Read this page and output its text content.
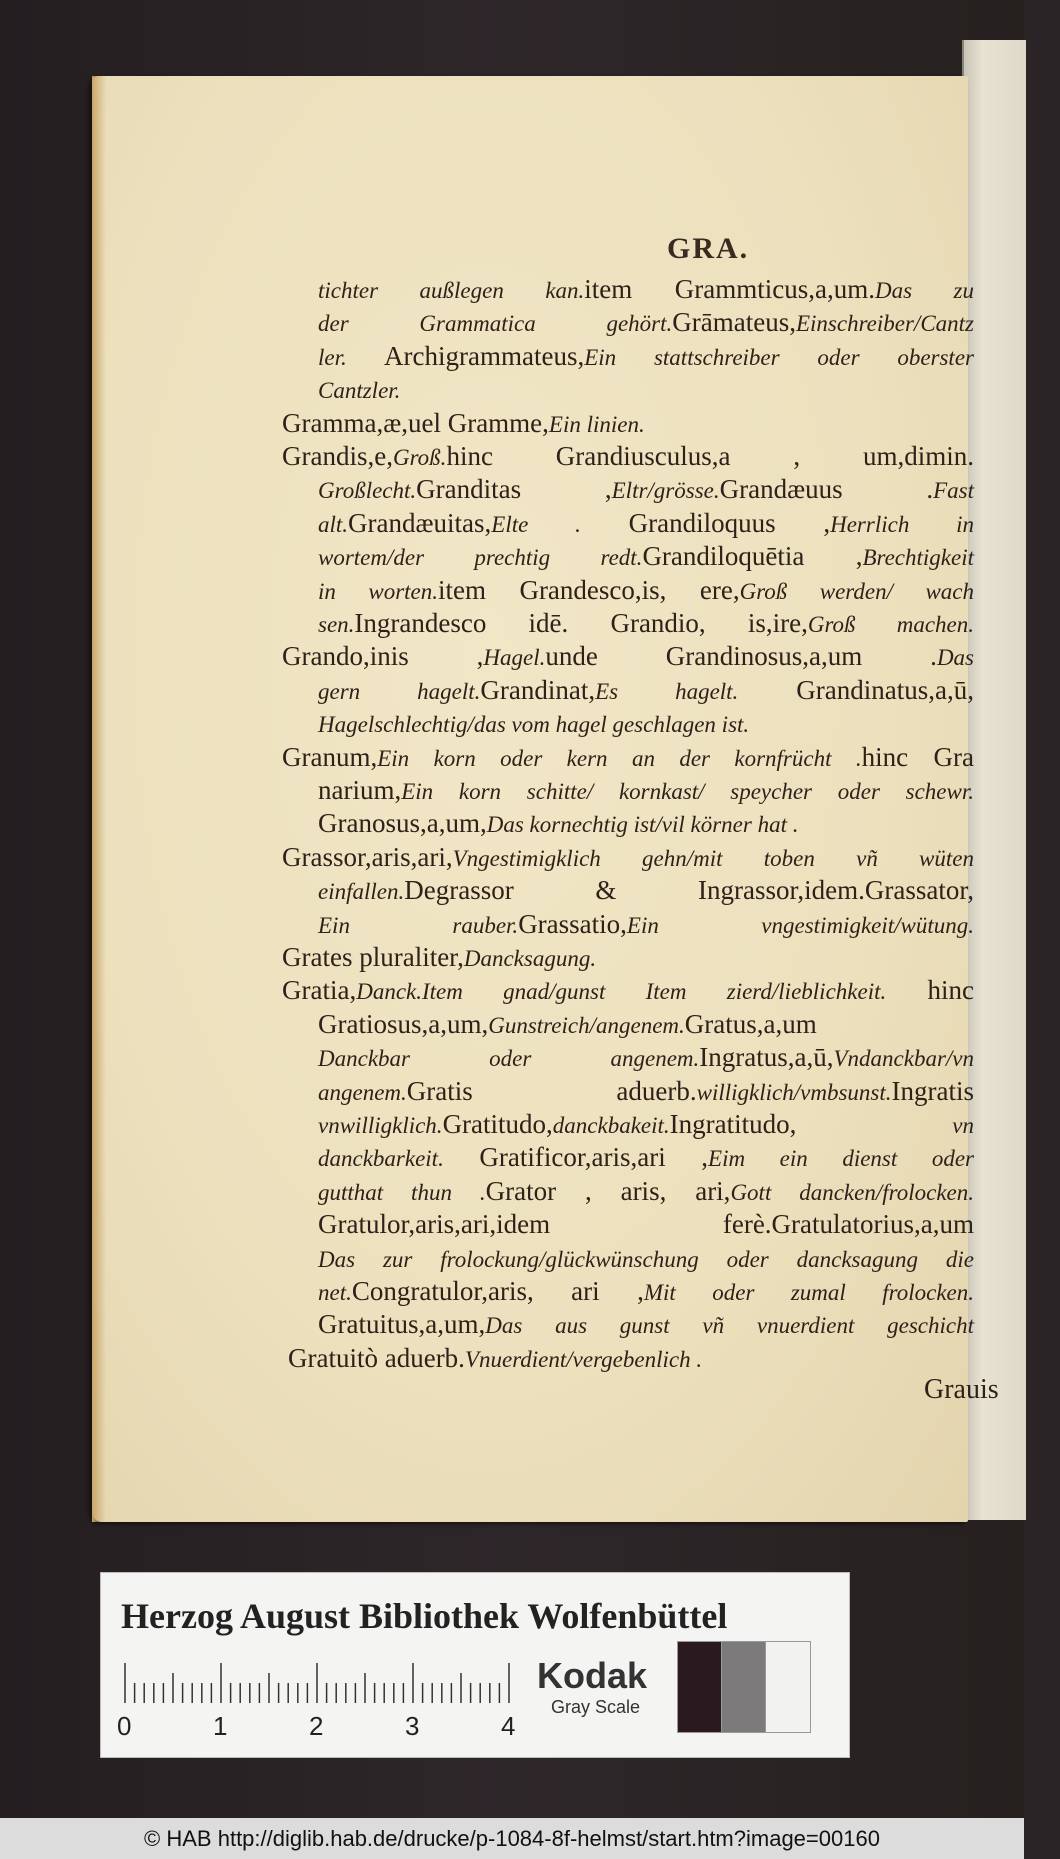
GRA.
tichter außlegen kan.item Grammticus,a,um.Das zu
der Grammatica gehört.Grāmateus,Einschreiber/Cantz
ler. Archigrammateus,Ein stattschreiber oder oberster
Cantzler.
Gramma,æ,uel Gramme,Ein linien.
Grandis,e,Groß.hinc Grandiusculus,a , um,dimin.
Großlecht.Granditas ,Eltr/grösse.Grandæuus .Fast
alt.Grandæuitas,Elte . Grandiloquus ,Herrlich in
wortem/der prechtig redt.Grandiloquētia ,Brechtigkeit
in worten.item Grandesco,is, ere,Groß werden/ wach
sen.Ingrandesco idē. Grandio, is,ire,Groß machen.
Grando,inis ,Hagel.unde Grandinosus,a,um .Das
gern hagelt.Grandinat,Es hagelt. Grandinatus,a,ū,
Hagelschlechtig/das vom hagel geschlagen ist.
Granum,Ein korn oder kern an der kornfrücht .hinc Gra
narium,Ein korn schitte/ kornkast/ speycher oder schewr.
Granosus,a,um,Das kornechtig ist/vil körner hat .
Grassor,aris,ari,Vngestimigklich gehn/mit toben vñ wüten
einfallen.Degrassor & Ingrassor,idem.Grassator,
Ein rauber.Grassatio,Ein vngestimigkeit/wütung.
Grates pluraliter,Dancksagung.
Gratia,Danck.Item gnad/gunst Item zierd/lieblichkeit. hinc
Gratiosus,a,um,Gunstreich/angenem.Gratus,a,um
Danckbar oder angenem.Ingratus,a,ū,Vndanckbar/vn
angenem.Gratis aduerb.willigklich/vmbsunst.Ingratis
vnwilligklich.Gratitudo,danckbakeit.Ingratitudo, vn
danckbarkeit. Gratificor,aris,ari ,Eim ein dienst oder
gutthat thun .Grator , aris, ari,Gott dancken/frolocken.
Gratulor,aris,ari,idem ferè.Gratulatorius,a,um
Das zur frolockung/glückwünschung oder dancksagung die
net.Congratulor,aris, ari ,Mit oder zumal frolocken.
Gratuitus,a,um,Das aus gunst vñ vnuerdient geschicht
Gratuitò aduerb.Vnuerdient/vergebenlich .
Grauis
Herzog August Bibliothek Wolfenbüttel
0	1	2	3	4
Kodak
Gray Scale
© HAB http://diglib.hab.de/drucke/p-1084-8f-helmst/start.htm?image=00160
